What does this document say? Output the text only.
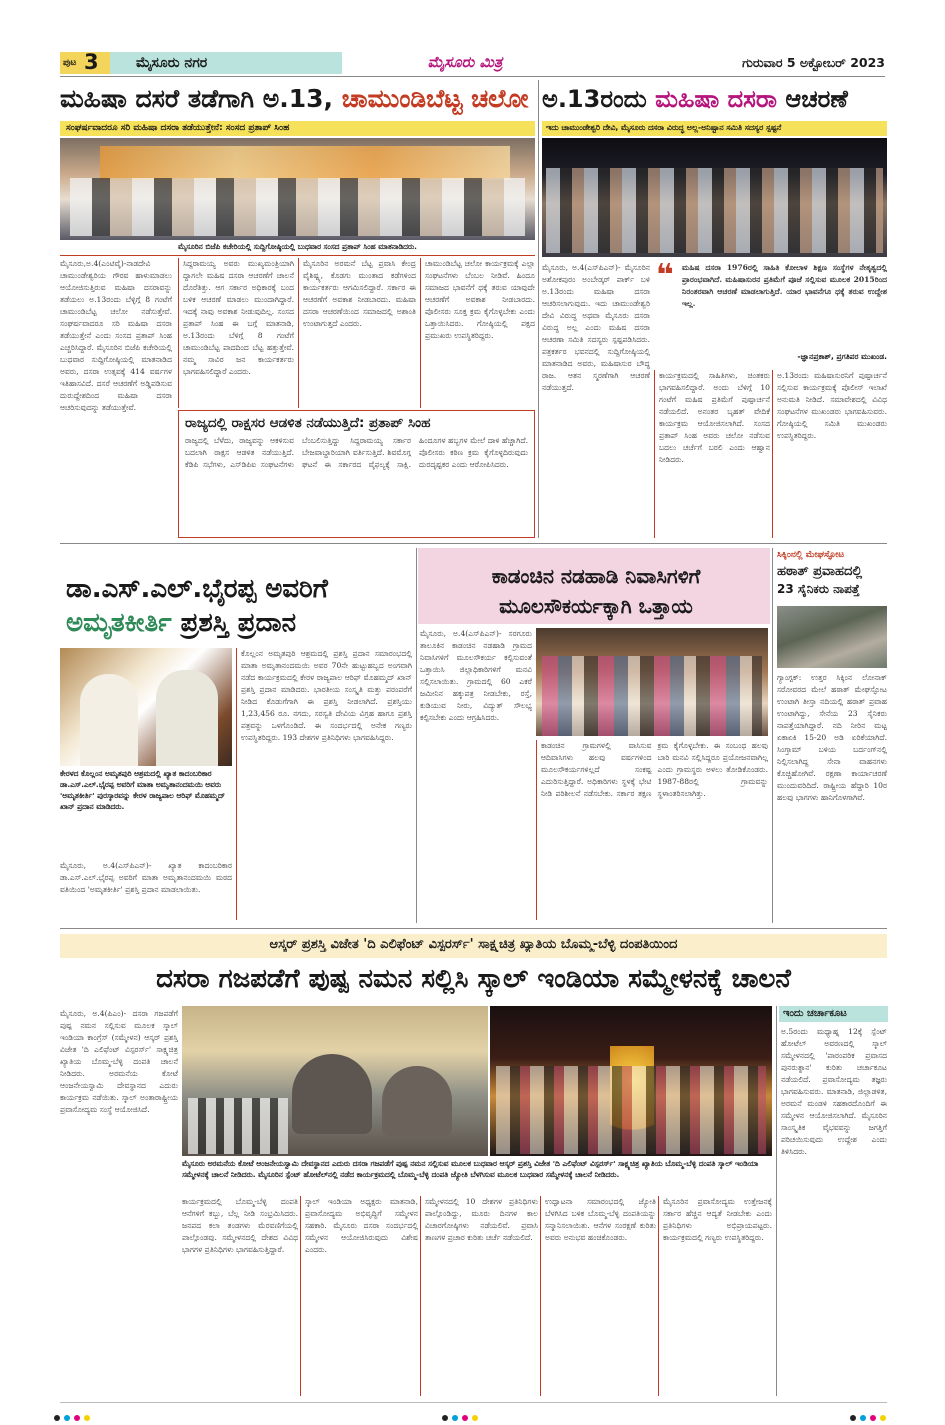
ಪುಟ 3	ಮೈಸೂರು ನಗರ	ಮೈಸೂರು ಮಿತ್ರ	ಗುರುವಾರ 5 ಅಕ್ಟೋಬರ್ 2023
ಮಹಿಷಾ ದಸರೆ ತಡೆಗಾಗಿ ಅ.13, ಚಾಮುಂಡಿಬೆಟ್ಟ ಚಲೋ
ಸಂಘರ್ಷವಾದರೂ ಸರಿ ಮಹಿಷಾ ದಸರಾ ತಡೆಯುತ್ತೇನೆ: ಸಂಸದ ಪ್ರತಾಪ್ ಸಿಂಹ
ಮೈಸೂರಿನ ಬಿಜೆಪಿ ಕಚೇರಿಯಲ್ಲಿ ಸುದ್ದಿಗೋಷ್ಠಿಯಲ್ಲಿ ಬುಧವಾರ ಸಂಸದ ಪ್ರತಾಪ್ ಸಿಂಹ ಮಾತನಾಡಿದರು.
ಮೈಸೂರು,ಅ.4(ಎಂಟಿವೈ)-ನಾಡದೇವಿ ಚಾಮುಂಡೇಶ್ವರಿಯ ಗೌರವ ಹಾಳುಮಾಡಲು ಆಯೋಜಿಸುತ್ತಿರುವ ಮಹಿಷಾ ದಸರಾವನ್ನು ತಡೆಯಲು ಅ.13ರಂದು ಬೆಳ್ಳಿಗ್ಗೆ 8 ಗಂಟೆಗೆ ಚಾಮುಂಡಿಬೆಟ್ಟ ಚಲೋ ನಡೆಸುತ್ತೇವೆ. ಸಂಘರ್ಷವಾದರೂ ಸರಿ ಮಹಿಷಾ ದಸರಾ ತಡೆಯುತ್ತೇನೆ ಎಂದು ಸಂಸದ ಪ್ರತಾಪ್ ಸಿಂಹ ಎಚ್ಚರಿಸಿದ್ದಾರೆ. ಮೈಸೂರಿನ ಬಿಜೆಪಿ ಕಚೇರಿಯಲ್ಲಿ ಬುಧವಾರ ಸುದ್ದಿಗೋಷ್ಠಿಯಲ್ಲಿ ಮಾತನಾಡಿದ ಅವರು, ದಸರಾ ಉತ್ಸವಕ್ಕೆ 414 ವರ್ಷಗಳ ಇತಿಹಾಸವಿದೆ. ದಸರೆ ಆಚರಣೆಗೆ ಅಡ್ಡಿಪಡಿಸುವ ದುರುದ್ದೇಶದಿಂದ ಮಹಿಷಾ ದಸರಾ ಆಚರಿಸುವುದನ್ನು ತಡೆಯುತ್ತೇವೆ.
ಸಿದ್ದರಾಮಯ್ಯ ಅವರು ಮುಖ್ಯಮಂತ್ರಿಯಾಗಿ ದ್ದಾಗಲೇ ಮಹಿಷ ದಸರಾ ಆಚರಣೆಗೆ ಚಾಲನೆ ದೊರೆತಿತ್ತು. ಆಗ ಸರ್ಕಾರ ಅಧಿಕಾರಕ್ಕೆ ಬಂದ ಬಳಿಕ ಆಚರಣೆ ಮಾಡಲು ಮುಂದಾಗಿದ್ದಾರೆ. ಇದಕ್ಕೆ ನಾವು ಅವಕಾಶ ನೀಡುವುದಿಲ್ಲ. ಸಂಸದ ಪ್ರತಾಪ್ ಸಿಂಹ ಈ ಬಗ್ಗೆ ಮಾತನಾಡಿ, ಅ.13ರಂದು ಬೆಳಿಗ್ಗೆ 8 ಗಂಟೆಗೆ ಚಾಮುಂಡಿಬೆಟ್ಟ ಪಾದದಿಂದ ಬೆಟ್ಟ ಹತ್ತುತ್ತೇವೆ. ನಮ್ಮ ಸಾವಿರ ಜನ ಕಾರ್ಯಕರ್ತರು ಭಾಗವಹಿಸಲಿದ್ದಾರೆ ಎಂದರು.
ಮೈಸೂರಿನ ಅರಮನೆ ಬೆಟ್ಟ ಪ್ರವಾಸಿ ಕೇಂದ್ರ ವೈಶಿಷ್ಟ್ಯ, ಕೊಡಗು ಮುಂತಾದ ಕಡೆಗಳಿಂದ ಕಾರ್ಯಕರ್ತರು ಆಗಮಿಸಲಿದ್ದಾರೆ. ಸರ್ಕಾರ ಈ ಆಚರಣೆಗೆ ಅವಕಾಶ ನೀಡಬಾರದು. ಮಹಿಷಾ ದಸರಾ ಆಚರಣೆಯಿಂದ ಸಮಾಜದಲ್ಲಿ ಅಶಾಂತಿ ಉಂಟಾಗುತ್ತದೆ ಎಂದರು.
ಚಾಮುಂಡಿಬೆಟ್ಟ ಚಲೋ ಕಾರ್ಯಕ್ರಮಕ್ಕೆ ಎಲ್ಲಾ ಸಂಘಟನೆಗಳು ಬೆಂಬಲ ನೀಡಿವೆ. ಹಿಂದೂ ಸಮಾಜದ ಭಾವನೆಗೆ ಧಕ್ಕೆ ತರುವ ಯಾವುದೇ ಆಚರಣೆಗೆ ಅವಕಾಶ ನೀಡಬಾರದು. ಪೊಲೀಸರು ಸೂಕ್ತ ಕ್ರಮ ಕೈಗೊಳ್ಳಬೇಕು ಎಂದು ಒತ್ತಾಯಿಸಿದರು. ಗೋಷ್ಠಿಯಲ್ಲಿ ಪಕ್ಷದ ಪ್ರಮುಖರು ಉಪಸ್ಥಿತರಿದ್ದರು.
ರಾಜ್ಯದಲ್ಲಿ ರಾಕ್ಷಸರ ಆಡಳಿತ ನಡೆಯುತ್ತಿದೆ: ಪ್ರತಾಪ್ ಸಿಂಹ
ರಾಜ್ಯದಲ್ಲಿ ಬೆಳೆದು, ರಾಜ್ಯವನ್ನು ಆಕಳಿಸುವ ಬದಲಾಗಿ ರಾಕ್ಷಸ ಆಡಳಿತ ನಡೆಯುತ್ತಿದೆ. ಕೆಡಿಪಿ ಸಭೆಗಳು, ಎಸ್‌ಡಿಪಿಐ ಸಂಘಟನೆಗಳು ಬೆಂಬಲಿಸುತ್ತಿದ್ದು ಸಿದ್ದರಾಮಯ್ಯ ಸರ್ಕಾರ ಬೇಜವಾಬ್ದಾರಿಯಾಗಿ ವರ್ತಿಸುತ್ತಿದೆ. ಶಿವಮೊಗ್ಗ ಘಟನೆ ಈ ಸರ್ಕಾರದ ವೈಫಲ್ಯಕ್ಕೆ ಸಾಕ್ಷಿ. ಹಿಂದೂಗಳ ಹಬ್ಬಗಳ ಮೇಲೆ ದಾಳಿ ಹೆಚ್ಚಾಗಿದೆ. ಪೊಲೀಸರು ಕಠಿಣ ಕ್ರಮ ಕೈಗೊಳ್ಳದಿರುವುದು ದುರದೃಷ್ಟಕರ ಎಂದು ಆರೋಪಿಸಿದರು.
ಅ.13ರಂದು ಮಹಿಷಾ ದಸರಾ ಆಚರಣೆ
ಇದು ಚಾಮುಂಡೇಶ್ವರಿ ದೇವಿ, ಮೈಸೂರು ದಸರಾ ವಿರುದ್ಧ ಅಲ್ಲ-ಅನಿಷ್ಟಾನ ಸಮಿತಿ ಸದಸ್ಯರ ಸ್ಪಷ್ಟನೆ
ಮೈಸೂರು, ಅ.4(ಎಸ್‌ಪಿಎನ್)- ಮೈಸೂರಿನ ಅಶೋಕಪುರಂ ಅಂಬೇಡ್ಕರ್ ಪಾರ್ಕ್ ಬಳಿ ಅ.13ರಂದು ಮಹಿಷಾ ದಸರಾ ಆಚರಿಸಲಾಗುವುದು. ಇದು ಚಾಮುಂಡೇಶ್ವರಿ ದೇವಿ ವಿರುದ್ಧ ಅಥವಾ ಮೈಸೂರು ದಸರಾ ವಿರುದ್ಧ ಅಲ್ಲ ಎಂದು ಮಹಿಷ ದಸರಾ ಆಚರಣಾ ಸಮಿತಿ ಸದಸ್ಯರು ಸ್ಪಷ್ಟಪಡಿಸಿದರು. ಪತ್ರಕರ್ತರ ಭವನದಲ್ಲಿ ಸುದ್ದಿಗೋಷ್ಠಿಯಲ್ಲಿ ಮಾತನಾಡಿದ ಅವರು, ಮಹಿಷಾಸುರ ಬೌದ್ಧ ರಾಜ. ಆತನ ಸ್ಮರಣೆಗಾಗಿ ಆಚರಣೆ ನಡೆಯುತ್ತದೆ.
❝ ಮಹಿಷ ದಸರಾ 1976ರಲ್ಲಿ ಸಾಹಿತಿ ಕೋಲಾಳ ಶಿಕ್ಷಣ ಸಂಸ್ಥೆಗಳ ನೇತೃತ್ವದಲ್ಲಿ ಪ್ರಾರಂಭವಾಗಿದೆ. ಮಹಿಷಾಸುರನ ಪ್ರತಿಮೆಗೆ ಪೂಜೆ ಸಲ್ಲಿಸುವ ಮೂಲಕ 2015ರಿಂದ ನಿರಂತರವಾಗಿ ಆಚರಣೆ ಮಾಡಲಾಗುತ್ತಿದೆ. ಯಾರ ಭಾವನೆಗೂ ಧಕ್ಕೆ ತರುವ ಉದ್ದೇಶ ಇಲ್ಲ.
-ಜ್ಞಾನಪ್ರಕಾಶ್, ಪ್ರಗತಿಪರ ಮುಖಂಡ.
ಕಾರ್ಯಕ್ರಮದಲ್ಲಿ ಸಾಹಿತಿಗಳು, ಚಿಂತಕರು ಭಾಗವಹಿಸಲಿದ್ದಾರೆ. ಅಂದು ಬೆಳಿಗ್ಗೆ 10 ಗಂಟೆಗೆ ಮಹಿಷ ಪ್ರತಿಮೆಗೆ ಪುಷ್ಪಾರ್ಚನೆ ನಡೆಯಲಿದೆ. ಅನಂತರ ಬೃಹತ್ ವೇದಿಕೆ ಕಾರ್ಯಕ್ರಮ ಆಯೋಜಿಸಲಾಗಿದೆ. ಸಂಸದ ಪ್ರತಾಪ್ ಸಿಂಹ ಅವರು ಚಲೋ ನಡೆಸುವ ಬದಲು ಚರ್ಚೆಗೆ ಬರಲಿ ಎಂದು ಆಹ್ವಾನ ನೀಡಿದರು.
ಅ.13ರಂದು ಮಹಿಷಾಸುರನಿಗೆ ಪುಷ್ಪಾರ್ಚನೆ ಸಲ್ಲಿಸುವ ಕಾರ್ಯಕ್ರಮಕ್ಕೆ ಪೊಲೀಸ್ ಇಲಾಖೆ ಅನುಮತಿ ನೀಡಿದೆ. ಸಮಾವೇಶದಲ್ಲಿ ವಿವಿಧ ಸಂಘಟನೆಗಳ ಮುಖಂಡರು ಭಾಗವಹಿಸುವರು. ಗೋಷ್ಠಿಯಲ್ಲಿ ಸಮಿತಿ ಮುಖಂಡರು ಉಪಸ್ಥಿತರಿದ್ದರು.
ಡಾ.ಎಸ್.ಎಲ್.ಭೈರಪ್ಪ ಅವರಿಗೆ
ಅಮೃತಕೀರ್ತಿ ಪ್ರಶಸ್ತಿ ಪ್ರದಾನ
ಕೇರಳದ ಕೊಲ್ಲಂನ ಅಮೃತಪುರಿ ಆಶ್ರಮದಲ್ಲಿ ಖ್ಯಾತ ಕಾದಂಬರಿಕಾರ ಡಾ.ಎಸ್.ಎಲ್.ಭೈರಪ್ಪ ಅವರಿಗೆ ಮಾತಾ ಅಮೃತಾನಂದಮಯಿ ಅವರು 'ಅಮೃತಕೀರ್ತಿ' ಪುರಸ್ಕಾರವನ್ನು ಕೇರಳ ರಾಜ್ಯಪಾಲ ಆರಿಫ್ ಮೊಹಮ್ಮದ್ ಖಾನ್ ಪ್ರದಾನ ಮಾಡಿದರು.
ಮೈಸೂರು, ಅ.4(ಎಸ್‌ಪಿಎನ್)- ಖ್ಯಾತ ಕಾದಂಬರಿಕಾರ ಡಾ.ಎಸ್.ಎಲ್.ಭೈರಪ್ಪ ಅವರಿಗೆ ಮಾತಾ ಅಮೃತಾನಂದಮಯಿ ಮಠದ ವತಿಯಿಂದ 'ಅಮೃತಕೀರ್ತಿ' ಪ್ರಶಸ್ತಿ ಪ್ರದಾನ ಮಾಡಲಾಯಿತು.
ಕೊಲ್ಲಂನ ಅಮೃತಪುರಿ ಆಶ್ರಮದಲ್ಲಿ ಪ್ರಶಸ್ತಿ ಪ್ರದಾನ ಸಮಾರಂಭದಲ್ಲಿ ಮಾತಾ ಅಮೃತಾನಂದಮಯಿ ಅವರ 70ನೇ ಹುಟ್ಟುಹಬ್ಬದ ಅಂಗವಾಗಿ ನಡೆದ ಕಾರ್ಯಕ್ರಮದಲ್ಲಿ ಕೇರಳ ರಾಜ್ಯಪಾಲ ಆರಿಫ್ ಮೊಹಮ್ಮದ್ ಖಾನ್ ಪ್ರಶಸ್ತಿ ಪ್ರದಾನ ಮಾಡಿದರು. ಭಾರತೀಯ ಸಂಸ್ಕೃತಿ ಮತ್ತು ಪರಂಪರೆಗೆ ನೀಡಿದ ಕೊಡುಗೆಗಾಗಿ ಈ ಪ್ರಶಸ್ತಿ ನೀಡಲಾಗಿದೆ. ಪ್ರಶಸ್ತಿಯು 1,23,456 ರೂ. ನಗದು, ಸರಸ್ವತಿ ದೇವಿಯ ವಿಗ್ರಹ ಹಾಗೂ ಪ್ರಶಸ್ತಿ ಪತ್ರವನ್ನು ಒಳಗೊಂಡಿದೆ. ಈ ಸಂದರ್ಭದಲ್ಲಿ ಅನೇಕ ಗಣ್ಯರು ಉಪಸ್ಥಿತರಿದ್ದರು. 193 ದೇಶಗಳ ಪ್ರತಿನಿಧಿಗಳು ಭಾಗವಹಿಸಿದ್ದರು.
ಕಾಡಂಚಿನ ನಡಹಾಡಿ ನಿವಾಸಿಗಳಿಗೆ
ಮೂಲಸೌಕರ್ಯಕ್ಕಾಗಿ ಒತ್ತಾಯ
ಮೈಸೂರು, ಅ.4(ಎಸ್‌ಪಿಎನ್)- ಸರಗೂರು ತಾಲೂಕಿನ ಕಾಡಂಚಿನ ನಡಹಾಡಿ ಗ್ರಾಮದ ನಿವಾಸಿಗಳಿಗೆ ಮೂಲಸೌಕರ್ಯ ಕಲ್ಪಿಸುವಂತೆ ಒತ್ತಾಯಿಸಿ ಜಿಲ್ಲಾಧಿಕಾರಿಗಳಿಗೆ ಮನವಿ ಸಲ್ಲಿಸಲಾಯಿತು. ಗ್ರಾಮದಲ್ಲಿ 60 ಎಕರೆ ಜಮೀನಿನ ಹಕ್ಕುಪತ್ರ ನೀಡಬೇಕು, ರಸ್ತೆ, ಕುಡಿಯುವ ನೀರು, ವಿದ್ಯುತ್ ಸೌಲಭ್ಯ ಕಲ್ಪಿಸಬೇಕು ಎಂದು ಆಗ್ರಹಿಸಿದರು.
ಕಾಡಂಚಿನ ಗ್ರಾಮಗಳಲ್ಲಿ ವಾಸಿಸುವ ಆದಿವಾಸಿಗಳು ಹಲವು ವರ್ಷಗಳಿಂದ ಮೂಲಸೌಕರ್ಯಗಳಿಲ್ಲದೆ ಸಂಕಷ್ಟ ಎದುರಿಸುತ್ತಿದ್ದಾರೆ. ಅಧಿಕಾರಿಗಳು ಸ್ಥಳಕ್ಕೆ ಭೇಟಿ ನೀಡಿ ಪರಿಶೀಲನೆ ನಡೆಸಬೇಕು. ಸರ್ಕಾರ ತಕ್ಷಣ ಕ್ರಮ ಕೈಗೊಳ್ಳಬೇಕು. ಈ ಸಂಬಂಧ ಹಲವು ಬಾರಿ ಮನವಿ ಸಲ್ಲಿಸಿದ್ದರೂ ಪ್ರಯೋಜನವಾಗಿಲ್ಲ ಎಂದು ಗ್ರಾಮಸ್ಥರು ಅಳಲು ತೋಡಿಕೊಂಡರು. 1987-88ರಲ್ಲಿ ಗ್ರಾಮವನ್ನು ಸ್ಥಳಾಂತರಿಸಲಾಗಿತ್ತು.
ಸಿಕ್ಕಿಂನಲ್ಲಿ ಮೇಘಸ್ಫೋಟ
ಹಠಾತ್ ಪ್ರವಾಹದಲ್ಲಿ
23 ಸೈನಿಕರು ನಾಪತ್ತೆ
ಗ್ಯಾಂಗ್ಟಕ್: ಉತ್ತರ ಸಿಕ್ಕಿಂನ ಲೋನಾಕ್ ಸರೋವರದ ಮೇಲೆ ಹಠಾತ್ ಮೇಘಸ್ಫೋಟ ಉಂಟಾಗಿ ತೀಸ್ತಾ ನದಿಯಲ್ಲಿ ಹಠಾತ್ ಪ್ರವಾಹ ಉಂಟಾಗಿದ್ದು, ಸೇನೆಯ 23 ಸೈನಿಕರು ನಾಪತ್ತೆಯಾಗಿದ್ದಾರೆ. ನದಿ ನೀರಿನ ಮಟ್ಟ ಏಕಾಏಕಿ 15-20 ಅಡಿ ಏರಿಕೆಯಾಗಿದೆ. ಸಿಂಗ್ತಾಮ್ ಬಳಿಯ ಬರ್ದಂಗ್‌ನಲ್ಲಿ ನಿಲ್ಲಿಸಲಾಗಿದ್ದ ಸೇನಾ ವಾಹನಗಳು ಕೊಚ್ಚಿಹೋಗಿವೆ. ರಕ್ಷಣಾ ಕಾರ್ಯಾಚರಣೆ ಮುಂದುವರಿದಿದೆ. ರಾಷ್ಟ್ರೀಯ ಹೆದ್ದಾರಿ 10ರ ಹಲವು ಭಾಗಗಳು ಹಾನಿಗೊಳಗಾಗಿವೆ.
ಆಸ್ಕರ್ ಪ್ರಶಸ್ತಿ ವಿಜೇತ 'ದಿ ಎಲಿಫೆಂಟ್ ವಿಸ್ಪರರ್ಸ್' ಸಾಕ್ಷ್ಯಚಿತ್ರ ಖ್ಯಾತಿಯ ಬೊಮ್ಮ-ಬೆಳ್ಳಿ ದಂಪತಿಯಿಂದ
ದಸರಾ ಗಜಪಡೆಗೆ ಪುಷ್ಪ ನಮನ ಸಲ್ಲಿಸಿ ಸ್ಕಾಲ್ ಇಂಡಿಯಾ ಸಮ್ಮೇಳನಕ್ಕೆ ಚಾಲನೆ
ಮೈಸೂರು, ಅ.4(ಪಿಎಂ)- ದಸರಾ ಗಜಪಡೆಗೆ ಪುಷ್ಪ ನಮನ ಸಲ್ಲಿಸುವ ಮೂಲಕ ಸ್ಕಾಲ್ ಇಂಡಿಯಾ ಕಾಂಗ್ರೆಸ್ (ಸಮ್ಮೇಳನ) ಆಸ್ಕರ್ ಪ್ರಶಸ್ತಿ ವಿಜೇತ 'ದಿ ಎಲಿಫೆಂಟ್ ವಿಸ್ಪರರ್ಸ್' ಸಾಕ್ಷ್ಯಚಿತ್ರ ಖ್ಯಾತಿಯ ಬೊಮ್ಮ-ಬೆಳ್ಳಿ ದಂಪತಿ ಚಾಲನೆ ನೀಡಿದರು. ಅರಮನೆಯ ಕೋಟೆ ಆಂಜನೇಯಸ್ವಾಮಿ ದೇವಸ್ಥಾನದ ಎದುರು ಕಾರ್ಯಕ್ರಮ ನಡೆಯಿತು. ಸ್ಕಾಲ್ ಅಂತಾರಾಷ್ಟ್ರೀಯ ಪ್ರವಾಸೋದ್ಯಮ ಸಂಸ್ಥೆ ಆಯೋಜಿಸಿದೆ.
ಮೈಸೂರು ಅರಮನೆಯ ಕೋಟೆ ಆಂಜನೇಯಸ್ವಾಮಿ ದೇವಸ್ಥಾನದ ಎದುರು ದಸರಾ ಗಜಪಡೆಗೆ ಪುಷ್ಪ ನಮನ ಸಲ್ಲಿಸುವ ಮೂಲಕ ಬುಧವಾರ ಆಸ್ಕರ್ ಪ್ರಶಸ್ತಿ ವಿಜೇತ 'ದಿ ಎಲಿಫೆಂಟ್ ವಿಸ್ಪರರ್ಸ್' ಸಾಕ್ಷ್ಯಚಿತ್ರ ಖ್ಯಾತಿಯ ಬೊಮ್ಮ-ಬೆಳ್ಳಿ ದಂಪತಿ ಸ್ಕಾಲ್ ಇಂಡಿಯಾ ಸಮ್ಮೇಳನಕ್ಕೆ ಚಾಲನೆ ನೀಡಿದರು. ಮೈಸೂರಿನ ಸ್ಪೆಂಟ್ ಹೋಟೆಲ್‌ನಲ್ಲಿ ನಡೆದ ಕಾರ್ಯಕ್ರಮದಲ್ಲಿ ಬೊಮ್ಮ-ಬೆಳ್ಳಿ ದಂಪತಿ ಜ್ಯೋತಿ ಬೆಳಗಿಸುವ ಮೂಲಕ ಬುಧವಾರ ಸಮ್ಮೇಳನಕ್ಕೆ ಚಾಲನೆ ನೀಡಿದರು.
ಕಾರ್ಯಕ್ರಮದಲ್ಲಿ ಬೊಮ್ಮ-ಬೆಳ್ಳಿ ದಂಪತಿ ಆನೆಗಳಿಗೆ ಕಬ್ಬು, ಬೆಲ್ಲ ನೀಡಿ ಸಂಭ್ರಮಿಸಿದರು. ಜನಪದ ಕಲಾ ತಂಡಗಳು ಮೆರವಣಿಗೆಯಲ್ಲಿ ಪಾಲ್ಗೊಂಡವು. ಸಮ್ಮೇಳನದಲ್ಲಿ ದೇಶದ ವಿವಿಧ ಭಾಗಗಳ ಪ್ರತಿನಿಧಿಗಳು ಭಾಗವಹಿಸುತ್ತಿದ್ದಾರೆ.
ಸ್ಕಾಲ್ ಇಂಡಿಯಾ ಅಧ್ಯಕ್ಷರು ಮಾತನಾಡಿ, ಪ್ರವಾಸೋದ್ಯಮ ಅಭಿವೃದ್ಧಿಗೆ ಸಮ್ಮೇಳನ ಸಹಕಾರಿ. ಮೈಸೂರು ದಸರಾ ಸಂದರ್ಭದಲ್ಲಿ ಸಮ್ಮೇಳನ ಆಯೋಜಿಸಿರುವುದು ವಿಶೇಷ ಎಂದರು.
ಸಮ್ಮೇಳನದಲ್ಲಿ 10 ದೇಶಗಳ ಪ್ರತಿನಿಧಿಗಳು ಪಾಲ್ಗೊಂಡಿದ್ದು, ಮೂರು ದಿನಗಳ ಕಾಲ ವಿಚಾರಗೋಷ್ಠಿಗಳು ನಡೆಯಲಿವೆ. ಪ್ರವಾಸಿ ತಾಣಗಳ ಪ್ರಚಾರ ಕುರಿತು ಚರ್ಚೆ ನಡೆಯಲಿದೆ.
ಉದ್ಘಾಟನಾ ಸಮಾರಂಭದಲ್ಲಿ ಜ್ಯೋತಿ ಬೆಳಗಿಸಿದ ಬಳಿಕ ಬೊಮ್ಮ-ಬೆಳ್ಳಿ ದಂಪತಿಯನ್ನು ಸನ್ಮಾನಿಸಲಾಯಿತು. ಆನೆಗಳ ಸಂರಕ್ಷಣೆ ಕುರಿತು ಅವರು ಅನುಭವ ಹಂಚಿಕೊಂಡರು.
ಮೈಸೂರಿನ ಪ್ರವಾಸೋದ್ಯಮ ಉತ್ತೇಜನಕ್ಕೆ ಸರ್ಕಾರ ಹೆಚ್ಚಿನ ಆದ್ಯತೆ ನೀಡಬೇಕು ಎಂದು ಪ್ರತಿನಿಧಿಗಳು ಅಭಿಪ್ರಾಯಪಟ್ಟರು. ಕಾರ್ಯಕ್ರಮದಲ್ಲಿ ಗಣ್ಯರು ಉಪಸ್ಥಿತರಿದ್ದರು.
ಇಂದು ಚರ್ಚಾಕೂಟ
ಅ.5ರಂದು ಮಧ್ಯಾಹ್ನ 12ಕ್ಕೆ ಸ್ಪೆಂಟ್ ಹೋಟೆಲ್ ಅವರಣದಲ್ಲಿ ಸ್ಕಾಲ್ ಸಮ್ಮೇಳನದಲ್ಲಿ 'ಪಾರಂಪರಿಕ ಪ್ರವಾಸದ ಪುನರುತ್ಥಾನ' ಕುರಿತು ಚರ್ಚಾಕೂಟ ನಡೆಯಲಿದೆ. ಪ್ರವಾಸೋದ್ಯಮ ತಜ್ಞರು ಭಾಗವಹಿಸುವರು. ಮಾತನಾಡಿ, ಜಿಲ್ಲಾಡಳಿತ, ಅರಮನೆ ಮಂಡಳಿ ಸಹಕಾರದೊಂದಿಗೆ ಈ ಸಮ್ಮೇಳನ ಆಯೋಜಿಸಲಾಗಿದೆ. ಮೈಸೂರಿನ ಸಾಂಸ್ಕೃತಿಕ ವೈಭವವನ್ನು ಜಗತ್ತಿಗೆ ಪರಿಚಯಿಸುವುದು ಉದ್ದೇಶ ಎಂದು ತಿಳಿಸಿದರು.
